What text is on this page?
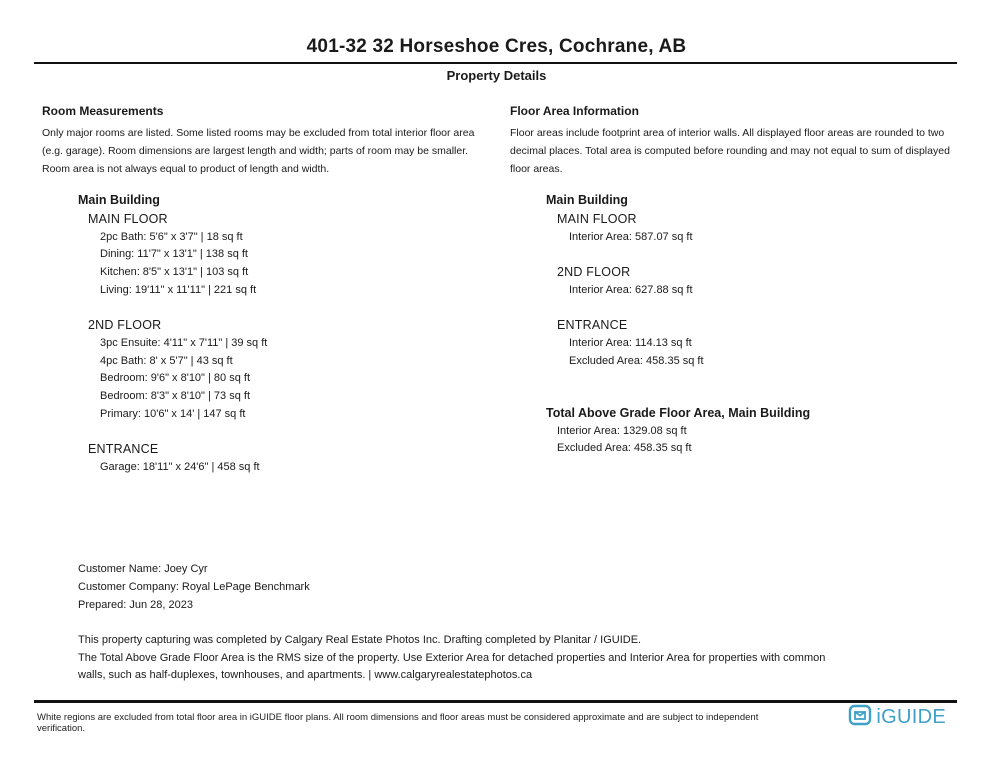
401-32 32 Horseshoe Cres, Cochrane, AB
Property Details
Room Measurements
Only major rooms are listed. Some listed rooms may be excluded from total interior floor area
(e.g. garage). Room dimensions are largest length and width; parts of room may be smaller.
Room area is not always equal to product of length and width.
Floor Area Information
Floor areas include footprint area of interior walls. All displayed floor areas are rounded to two
decimal places. Total area is computed before rounding and may not equal to sum of displayed
floor areas.
Main Building
MAIN FLOOR
2pc Bath: 5'6" x 3'7" | 18 sq ft
Dining: 11'7" x 13'1" | 138 sq ft
Kitchen: 8'5" x 13'1" | 103 sq ft
Living: 19'11" x 11'11" | 221 sq ft
2ND FLOOR
3pc Ensuite: 4'11" x 7'11" | 39 sq ft
4pc Bath: 8' x 5'7" | 43 sq ft
Bedroom: 9'6" x 8'10" | 80 sq ft
Bedroom: 8'3" x 8'10" | 73 sq ft
Primary: 10'6" x 14' | 147 sq ft
ENTRANCE
Garage: 18'11" x 24'6" | 458 sq ft
Main Building
MAIN FLOOR
Interior Area: 587.07 sq ft
2ND FLOOR
Interior Area: 627.88 sq ft
ENTRANCE
Interior Area: 114.13 sq ft
Excluded Area: 458.35 sq ft
Total Above Grade Floor Area, Main Building
Interior Area: 1329.08 sq ft
Excluded Area: 458.35 sq ft
Customer Name: Joey Cyr
Customer Company: Royal LePage Benchmark
Prepared: Jun 28, 2023
This property capturing was completed by Calgary Real Estate Photos Inc. Drafting completed by Planitar / IGUIDE.
The Total Above Grade Floor Area is the RMS size of the property. Use Exterior Area for detached properties and Interior Area for properties with common
walls, such as half-duplexes, townhouses, and apartments. | www.calgaryrealestatephotos.ca
White regions are excluded from total floor area in iGUIDE floor plans. All room dimensions and floor areas must be considered approximate and are subject to independent verification.
iGUIDE
